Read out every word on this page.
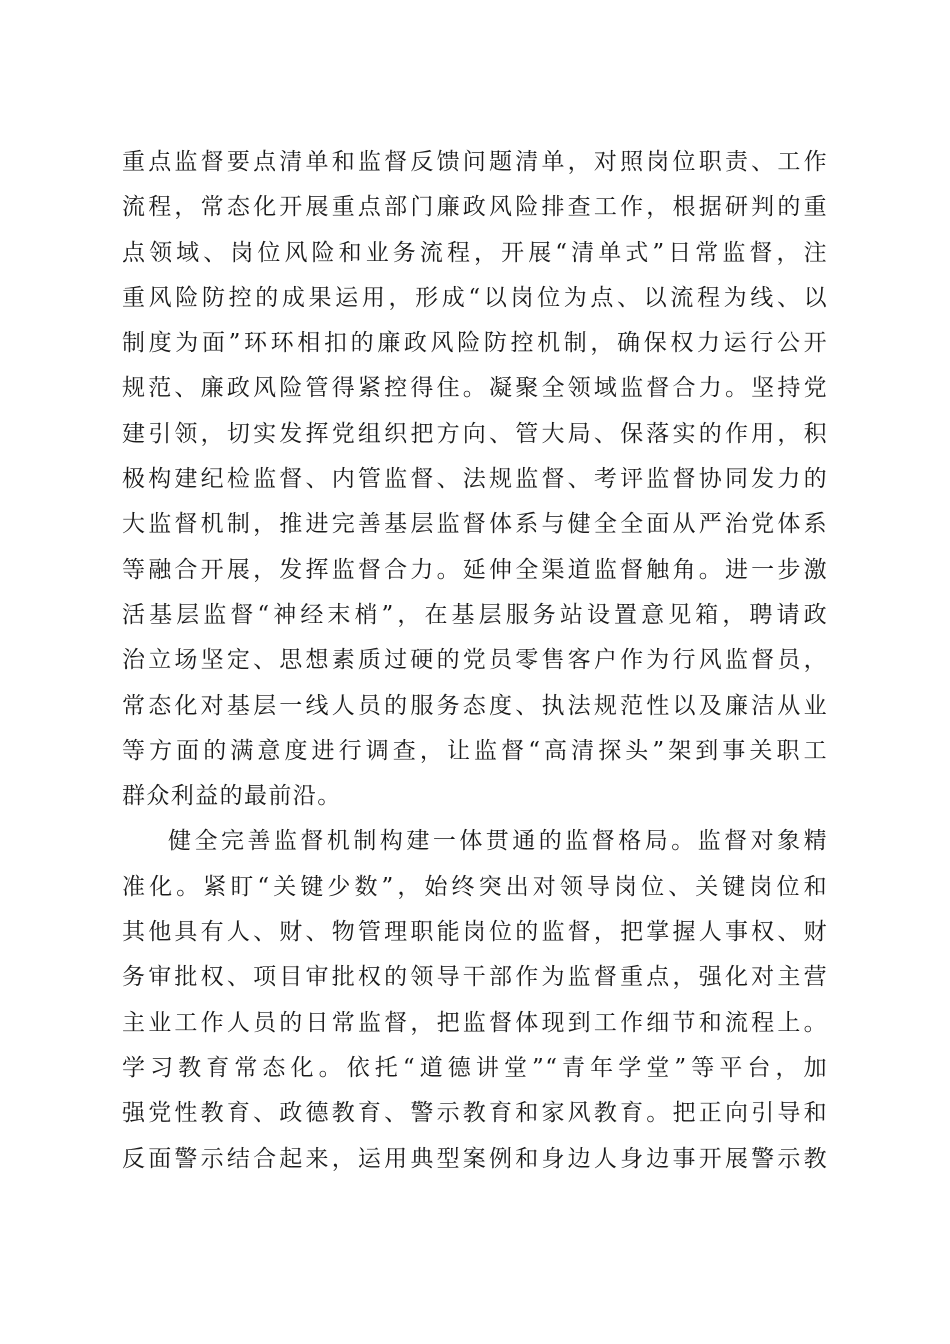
重点监督要点清单和监督反馈问题清单，对照岗位职责、工作
流程，常态化开展重点部门廉政风险排查工作，根据研判的重
点领域、岗位风险和业务流程，开展“清单式”日常监督，注
重风险防控的成果运用，形成“以岗位为点、以流程为线、以
制度为面”环环相扣的廉政风险防控机制，确保权力运行公开
规范、廉政风险管得紧控得住。凝聚全领域监督合力。坚持党
建引领，切实发挥党组织把方向、管大局、保落实的作用，积
极构建纪检监督、内管监督、法规监督、考评监督协同发力的
大监督机制，推进完善基层监督体系与健全全面从严治党体系
等融合开展，发挥监督合力。延伸全渠道监督触角。进一步激
活基层监督“神经末梢”，在基层服务站设置意见箱，聘请政
治立场坚定、思想素质过硬的党员零售客户作为行风监督员，
常态化对基层一线人员的服务态度、执法规范性以及廉洁从业
等方面的满意度进行调查，让监督“高清探头”架到事关职工
群众利益的最前沿。
健全完善监督机制构建一体贯通的监督格局。监督对象精
准化。紧盯“关键少数”，始终突出对领导岗位、关键岗位和
其他具有人、财、物管理职能岗位的监督，把掌握人事权、财
务审批权、项目审批权的领导干部作为监督重点，强化对主营
主业工作人员的日常监督，把监督体现到工作细节和流程上。
学习教育常态化。依托“道德讲堂”“青年学堂”等平台，加
强党性教育、政德教育、警示教育和家风教育。把正向引导和
反面警示结合起来，运用典型案例和身边人身边事开展警示教
